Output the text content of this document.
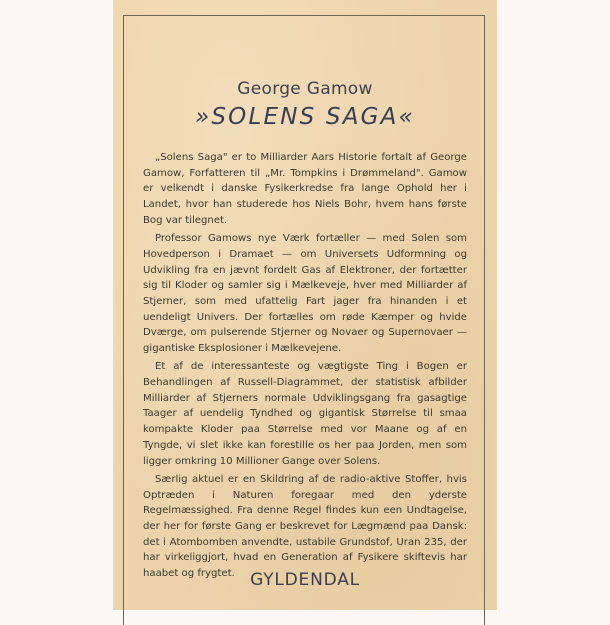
George Gamow
»SOLENS SAGA«

„Solens Saga" er to Milliarder Aars Historie fortalt af George Gamow, Forfatteren til „Mr. Tompkins i Drømmeland". Gamow er velkendt i danske Fysikerkredse fra lange Ophold her i Landet, hvor han studerede hos Niels Bohr, hvem hans første Bog var tilegnet.

Professor Gamows nye Værk fortæller — med Solen som Hovedperson i Dramaet — om Universets Udformning og Udvikling fra en jævnt fordelt Gas af Elektroner, der fortætter sig til Kloder og samler sig i Mælkeveje, hver med Milliarder af Stjerner, som med ufattelig Fart jager fra hinanden i et uendeligt Univers. Der fortælles om røde Kæmper og hvide Dværge, om pulserende Stjerner og Novaer og Supernovaer — gigantiske Eksplosioner i Mælkevejene.

Et af de interessanteste og vægtigste Ting i Bogen er Behandlingen af Russell-Diagrammet, der statistisk afbilder Milliarder af Stjerners normale Udviklingsgang fra gasagtige Taager af uendelig Tyndhed og gigantisk Størrelse til smaa kompakte Kloder paa Størrelse med vor Maane og af en Tyngde, vi slet ikke kan forestille os her paa Jorden, men som ligger omkring 10 Millioner Gange over Solens.

Særlig aktuel er en Skildring af de radio-aktive Stoffer, hvis Optræden i Naturen foregaar med den yderste Regelmæssighed. Fra denne Regel findes kun een Undtagelse, der her for første Gang er beskrevet for Lægmænd paa Dansk: det i Atombomben anvendte, ustabile Grundstof, Uran 235, der har virkeliggjort, hvad en Generation af Fysikere skiftevis har haabet og frygtet. GYLDENDAL
